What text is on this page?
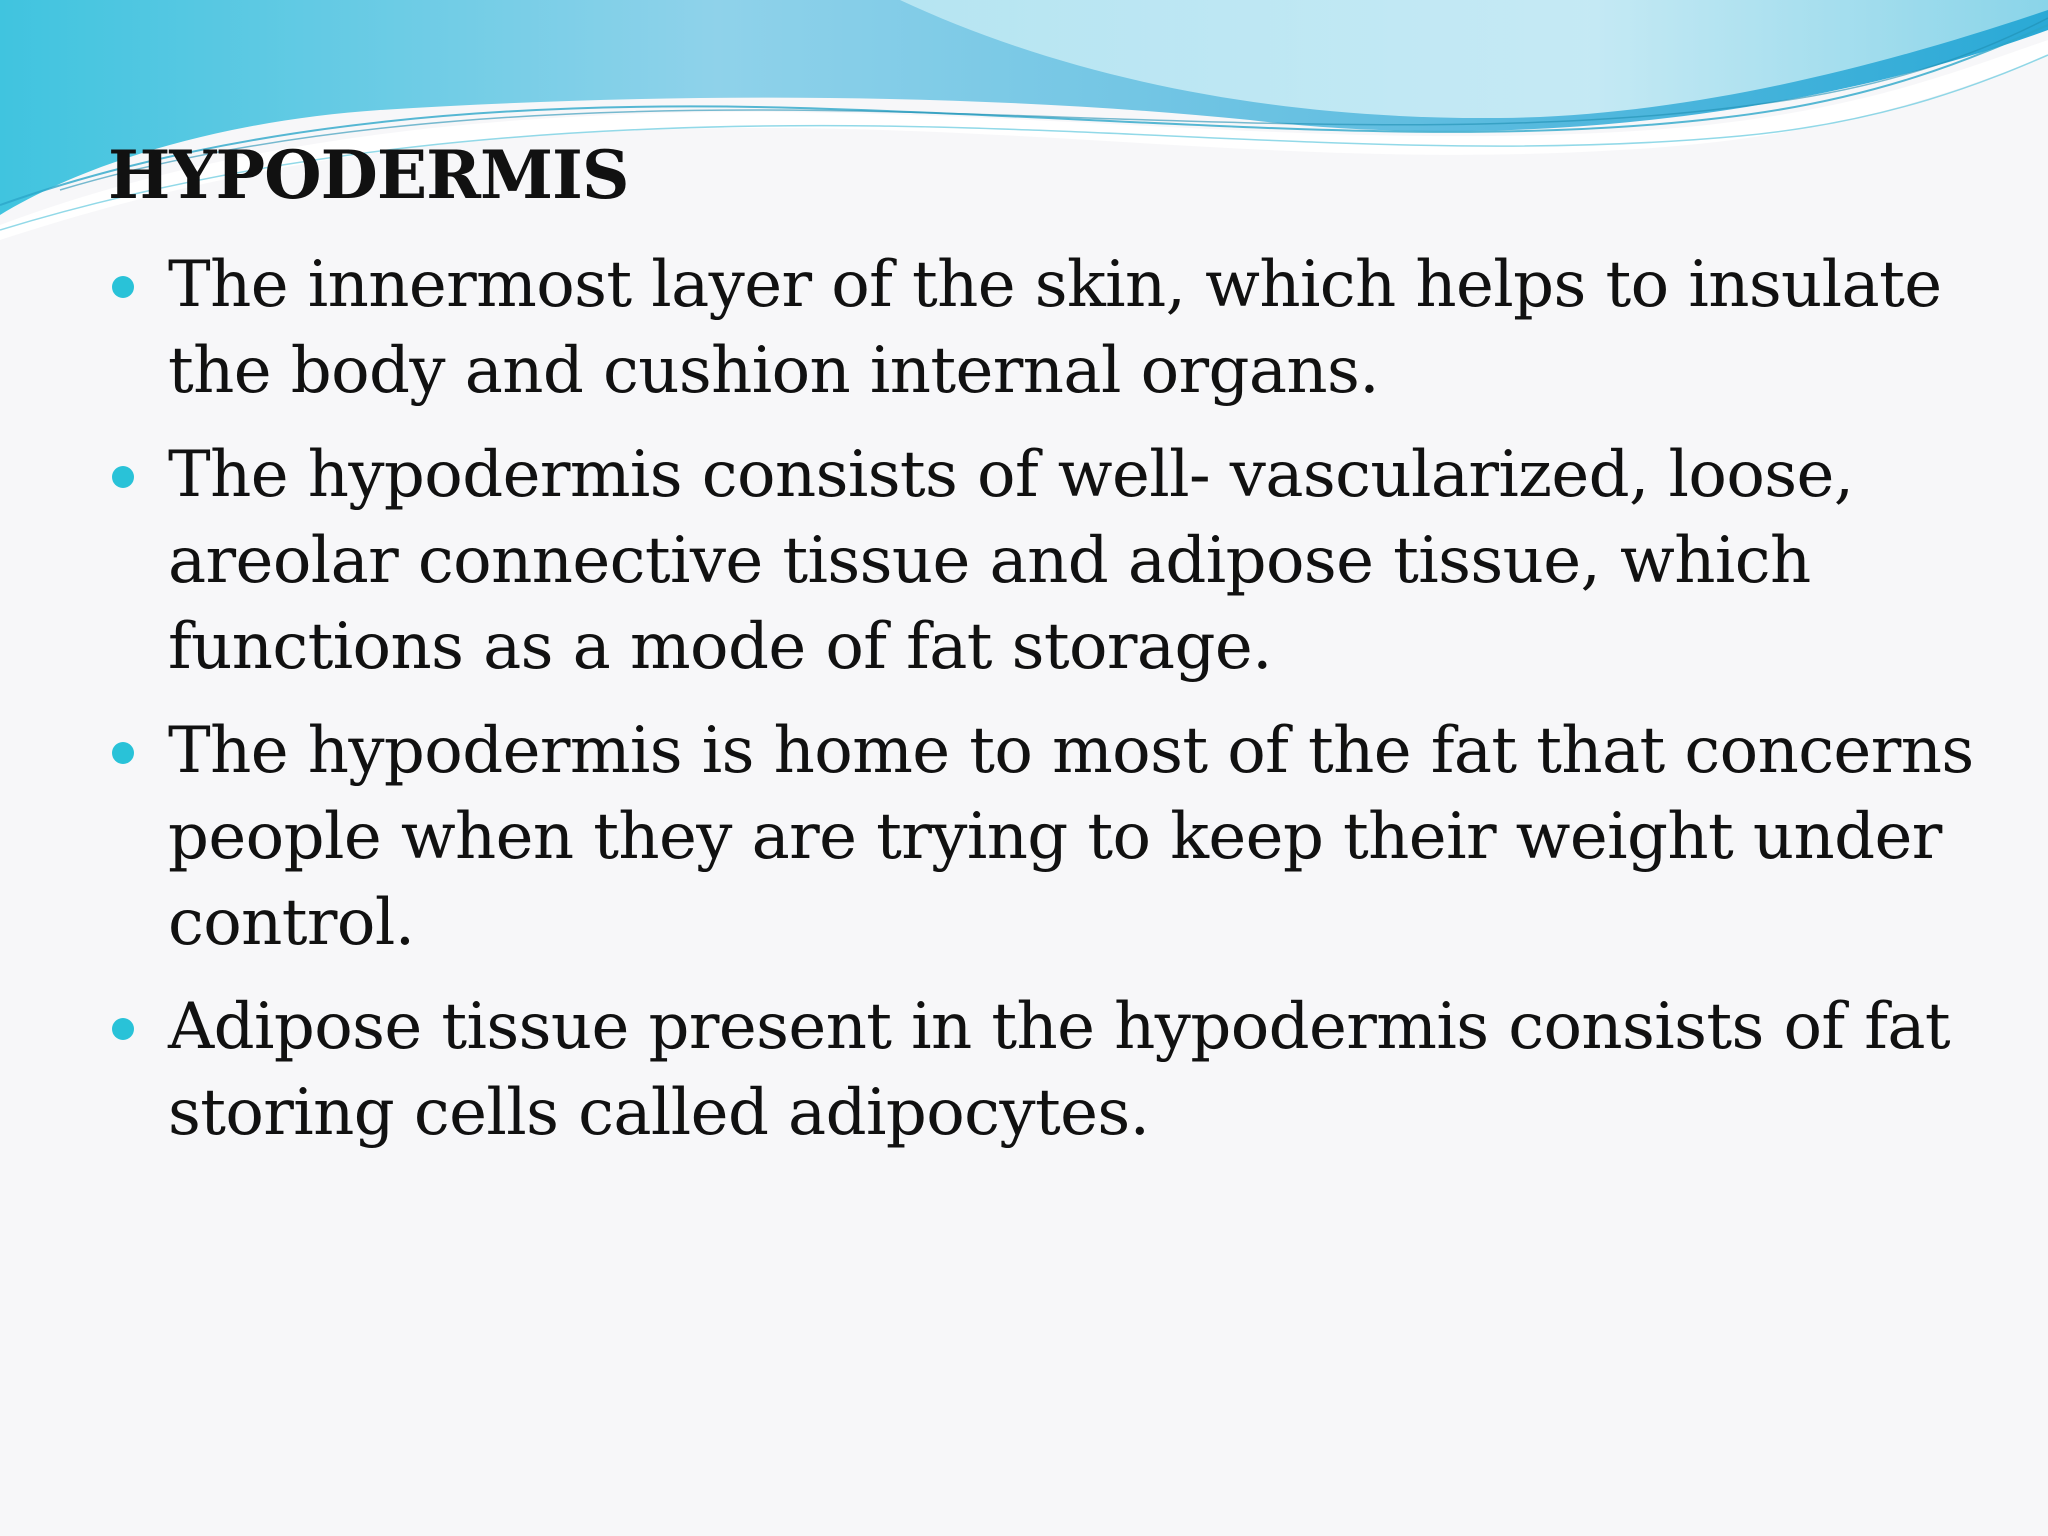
HYPODERMIS
The innermost layer of the skin, which helps to insulate the body and cushion internal organs.
The hypodermis consists of well- vascularized, loose, areolar connective tissue and adipose tissue, which functions as a mode of fat storage.
The hypodermis is home to most of the fat that concerns people when they are trying to keep their weight under control.
Adipose tissue present in the hypodermis consists of fat storing cells called adipocytes.
